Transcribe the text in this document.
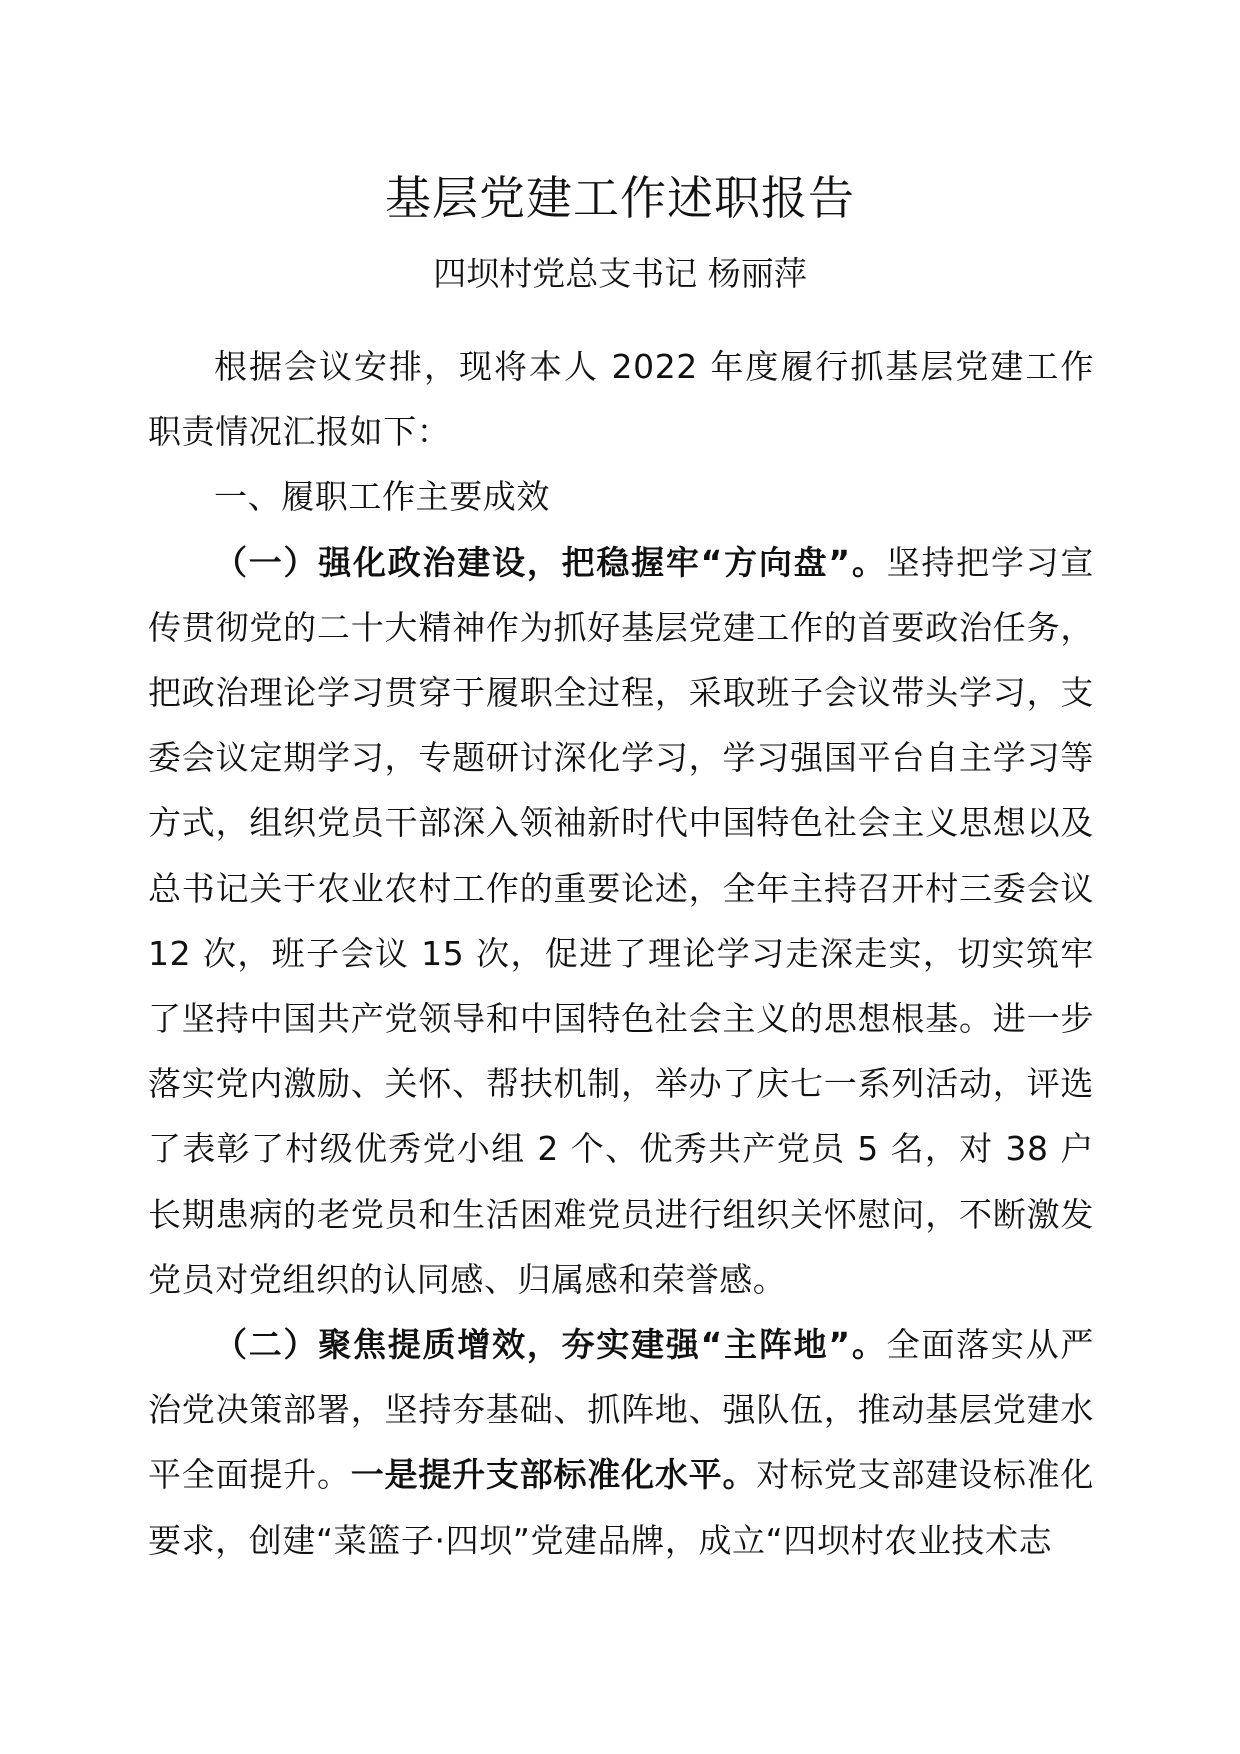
基层党建工作述职报告
四坝村党总支书记 杨丽萍

根据会议安排，现将本人 2022 年度履行抓基层党建工作职责情况汇报如下：

一、履职工作主要成效

（一）强化政治建设，把稳握牢“方向盘”。坚持把学习宣传贯彻党的二十大精神作为抓好基层党建工作的首要政治任务，把政治理论学习贯穿于履职全过程，采取班子会议带头学习，支委会议定期学习，专题研讨深化学习，学习强国平台自主学习等方式，组织党员干部深入领袖新时代中国特色社会主义思想以及总书记关于农业农村工作的重要论述，全年主持召开村三委会议 12 次，班子会议 15 次，促进了理论学习走深走实，切实筑牢了坚持中国共产党领导和中国特色社会主义的思想根基。进一步落实党内激励、关怀、帮扶机制，举办了庆七一系列活动，评选了表彰了村级优秀党小组 2 个、优秀共产党员 5 名，对 38 户长期患病的老党员和生活困难党员进行组织关怀慰问，不断激发党员对党组织的认同感、归属感和荣誉感。

（二）聚焦提质增效，夯实建强“主阵地”。全面落实从严治党决策部署，坚持夯基础、抓阵地、强队伍，推动基层党建水平全面提升。一是提升支部标准化水平。对标党支部建设标准化要求，创建“菜篮子·四坝”党建品牌，成立“四坝村农业技术志
